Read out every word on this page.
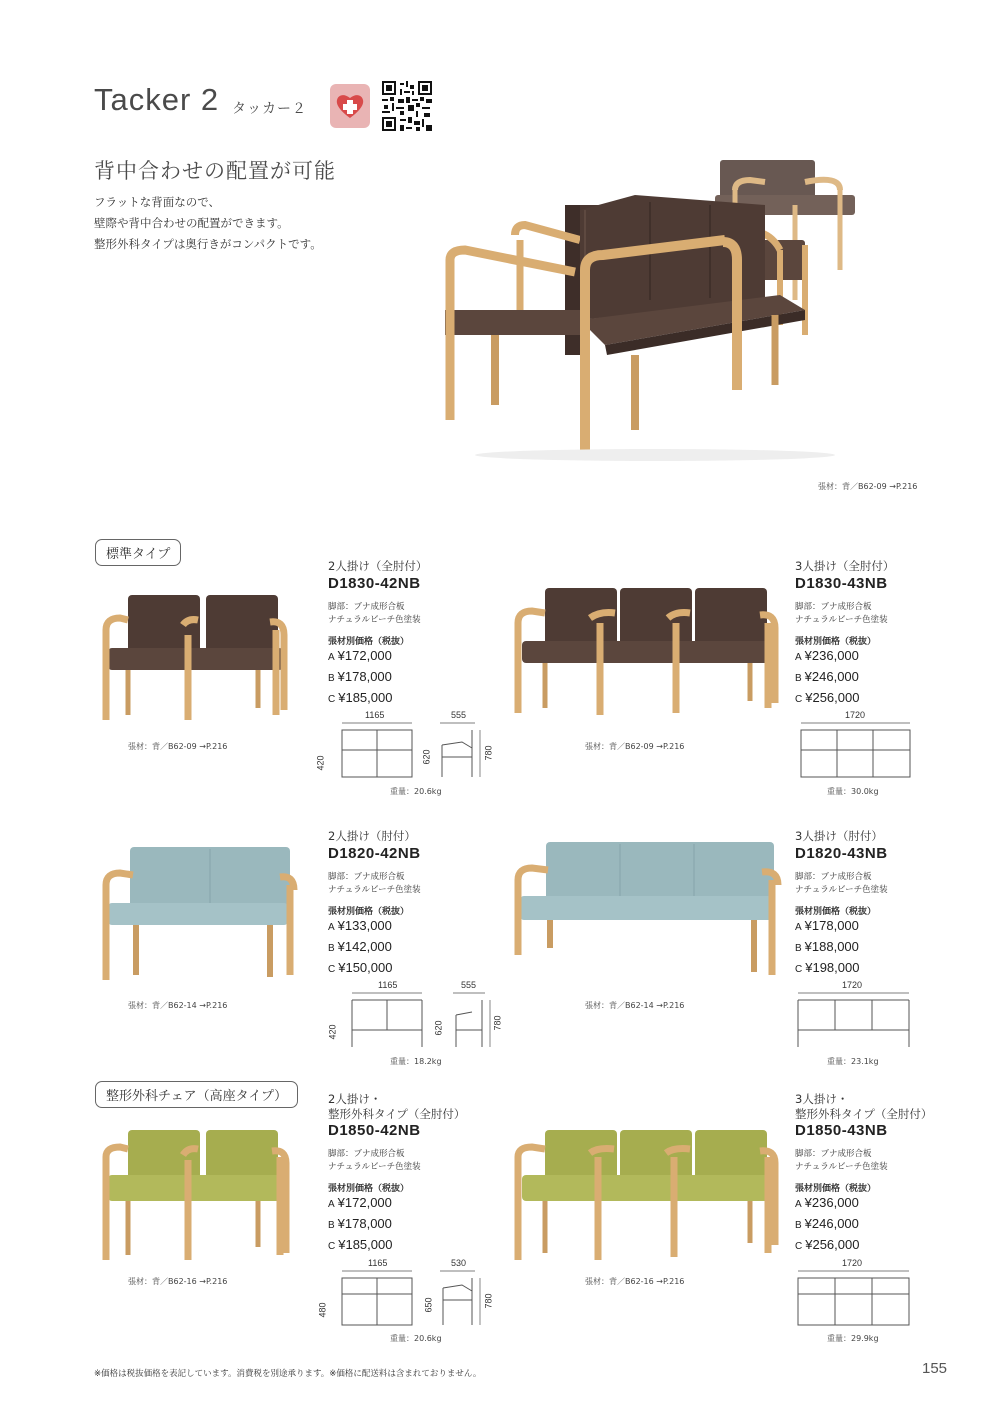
Tacker 2 タッカー２
背中合わせの配置が可能
フラットな背面なので、
壁際や背中合わせの配置ができます。
整形外科タイプは奥行きがコンパクトです。
張材：背／B62-09 →P.216
標準タイプ
張材：背／B62-09 →P.216
2人掛け（全肘付）
D1830-42NB
脚部：ブナ成形合板
ナチュラルビーチ色塗装
張材別価格（税抜）
A ¥172,000
B ¥178,000
C ¥185,000
1165	555
420	620	780
重量：20.6kg
張材：背／B62-09 →P.216
3人掛け（全肘付）
D1830-43NB
脚部：ブナ成形合板
ナチュラルビーチ色塗装
張材別価格（税抜）
A ¥236,000
B ¥246,000
C ¥256,000
1720
重量：30.0kg
張材：背／B62-14 →P.216
2人掛け（肘付）
D1820-42NB
脚部：ブナ成形合板
ナチュラルビーチ色塗装
張材別価格（税抜）
A ¥133,000
B ¥142,000
C ¥150,000
1165	555
420	620	780
重量：18.2kg
張材：背／B62-14 →P.216
3人掛け（肘付）
D1820-43NB
脚部：ブナ成形合板
ナチュラルビーチ色塗装
張材別価格（税抜）
A ¥178,000
B ¥188,000
C ¥198,000
1720
重量：23.1kg
整形外科チェア（高座タイプ）
張材：背／B62-16 →P.216
2人掛け・
整形外科タイプ（全肘付）
D1850-42NB
脚部：ブナ成形合板
ナチュラルビーチ色塗装
張材別価格（税抜）
A ¥172,000
B ¥178,000
C ¥185,000
1165	530
480	650	780
重量：20.6kg
張材：背／B62-16 →P.216
3人掛け・
整形外科タイプ（全肘付）
D1850-43NB
脚部：ブナ成形合板
ナチュラルビーチ色塗装
張材別価格（税抜）
A ¥236,000
B ¥246,000
C ¥256,000
1720
重量：29.9kg
※価格は税抜価格を表記しています。消費税を別途承ります。※価格に配送料は含まれておりません。	155
